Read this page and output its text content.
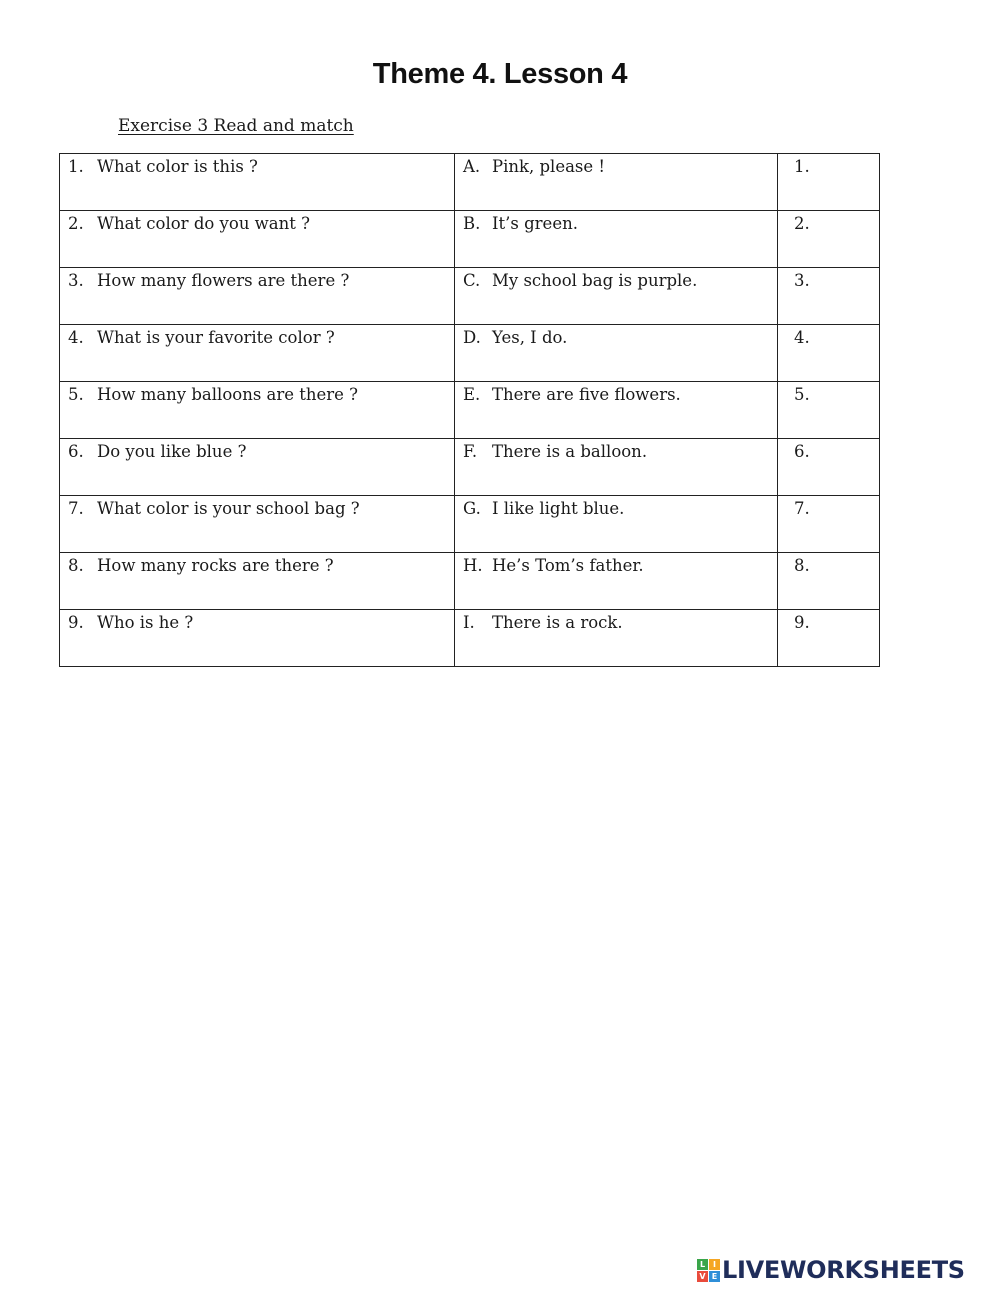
Theme 4. Lesson 4
Exercise 3 Read and match
1. What color is this ?	A. Pink, please !	1.
2. What color do you want ?	B. It’s green.	2.
3. How many flowers are there ?	C. My school bag is purple.	3.
4. What is your favorite color ?	D. Yes, I do.	4.
5. How many balloons are there ?	E. There are five flowers.	5.
6. Do you like blue ?	F. There is a balloon.	6.
7. What color is your school bag ?	G. I like light blue.	7.
8. How many rocks are there ?	H. He’s Tom’s father.	8.
9. Who is he ?	I. There is a rock.	9.
L I
V E LIVEWORKSHEETS
